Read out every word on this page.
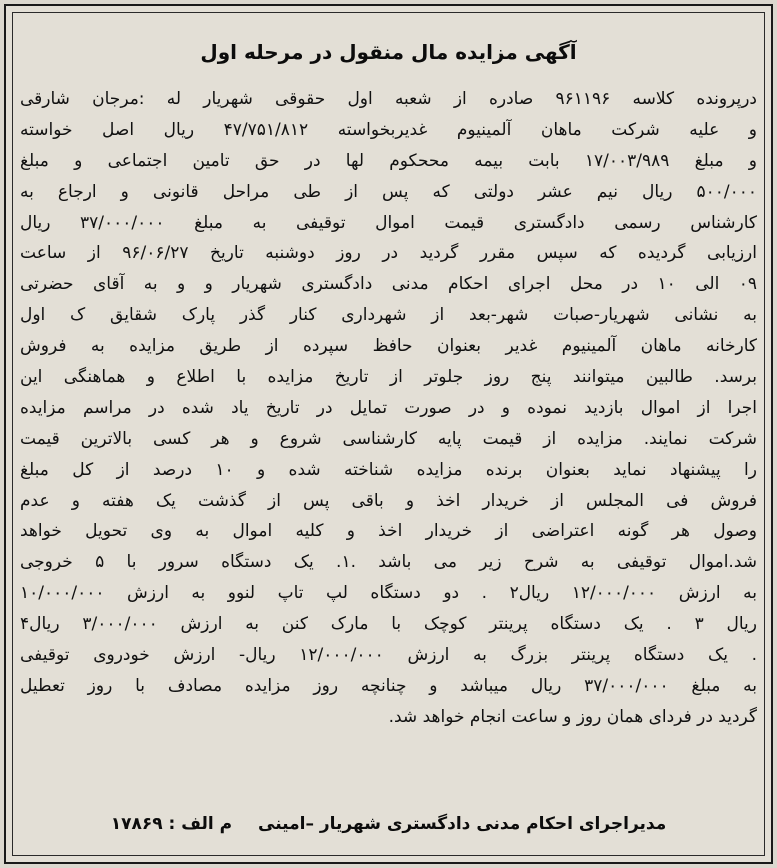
آگهی مزایده مال منقول در مرحله اول
درپرونده کلاسه ۹۶۱۱۹۶ صادره از شعبه اول حقوقی شهریار له :مرجان شارقی
و علیه شرکت ماهان آلمینیوم غدیربخواسته ۴۷/۷۵۱/۸۱۲ ریال اصل خواسته
و مبلغ ۱۷/۰۰۳/۹۸۹ بابت بیمه مححکوم لها در حق تامین اجتماعی و مبلغ
۵۰۰/۰۰۰ ریال نیم عشر دولتی که پس از طی مراحل قانونی و ارجاع به
کارشناس رسمی دادگستری قیمت اموال توقیفی به مبلغ ۳۷/۰۰۰/۰۰۰ ریال
ارزیابی گردیده که سپس مقرر گردید در روز دوشنبه تاریخ ۹۶/۰۶/۲۷ از ساعت
۰۹ الی ۱۰ در محل اجرای احکام مدنی دادگستری شهریار و و به آقای حضرتی
به نشانی شهریار-صبات شهر-بعد از شهرداری کنار گذر پارک شقایق ک اول
کارخانه ماهان آلمینیوم غدیر بعنوان حافظ سپرده از طریق مزایده به فروش
برسد. طالبین میتوانند پنج روز جلوتر از تاریخ مزایده با اطلاع و هماهنگی این
اجرا از اموال بازدید نموده و در صورت تمایل در تاریخ یاد شده در مراسم مزایده
شرکت نمایند. مزایده از قیمت پایه کارشناسی شروع و هر کسی بالاترین قیمت
را پیشنهاد نماید بعنوان برنده مزایده شناخته شده و ۱۰ درصد از کل مبلغ
فروش فی المجلس از خریدار اخذ و باقی پس از گذشت یک هفته و عدم
وصول هر گونه اعتراضی از خریدار اخذ و کلیه اموال به وی تحویل خواهد
شد.اموال توقیفی به شرح زیر می باشد .۱. یک دستگاه سرور با ۵ خروجی
به ارزش ۱۲/۰۰۰/۰۰۰ ریال۲ . دو دستگاه لپ تاپ لنوو به ارزش ۱۰/۰۰۰/۰۰۰
ریال ۳ . یک دستگاه پرینتر کوچک با مارک کنن به ارزش ۳/۰۰۰/۰۰۰ ریال۴
. یک دستگاه پرینتر بزرگ به ارزش ۱۲/۰۰۰/۰۰۰ ریال- ارزش خودروی توقیفی
به مبلغ ۳۷/۰۰۰/۰۰۰ ریال میباشد و چنانچه روز مزایده مصادف با روز تعطیل
گردید در فردای همان روز و ساعت انجام خواهد شد.
مدیراجرای احکام مدنی دادگستری شهریار –امینی م الف : ۱۷۸۶۹
